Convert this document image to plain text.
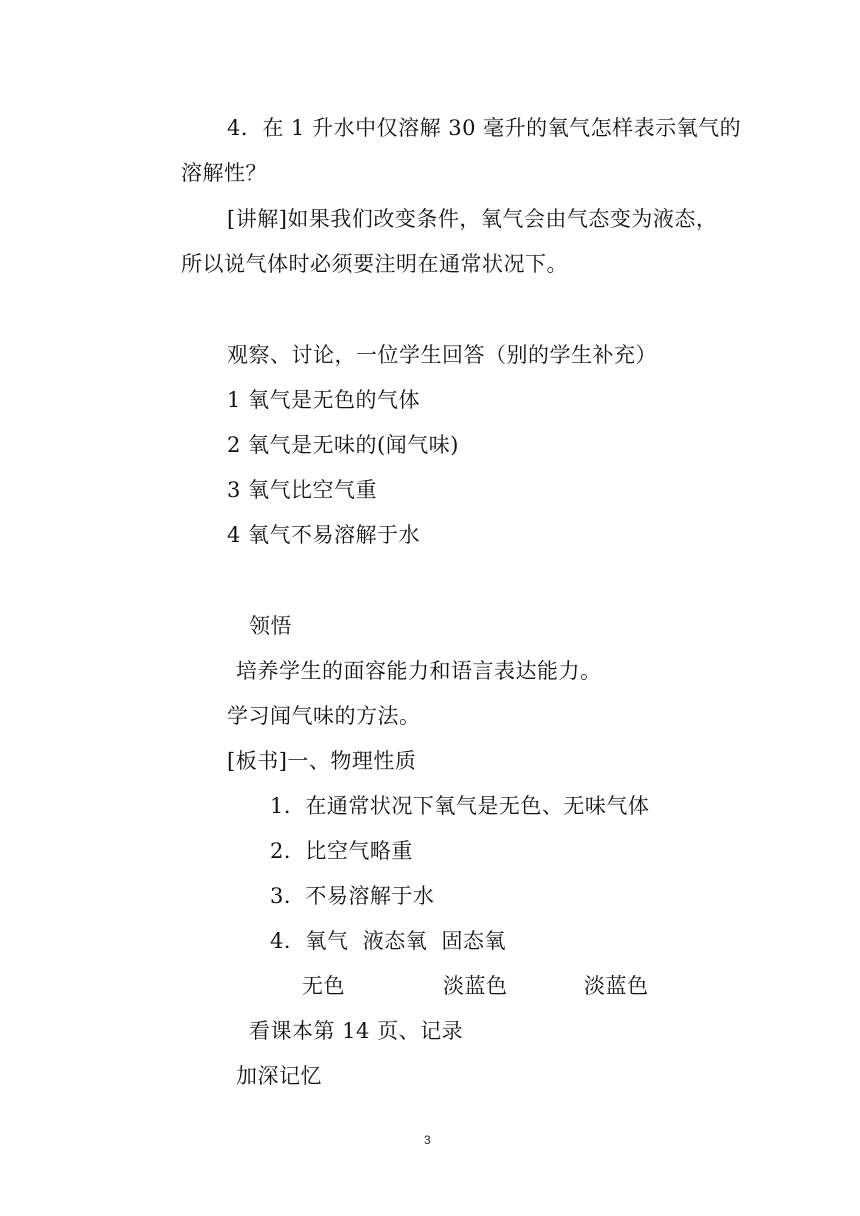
4．在 1 升水中仅溶解 30 毫升的氧气怎样表示氧气的
溶解性？
[讲解]如果我们改变条件，氧气会由气态变为液态，
所以说气体时必须要注明在通常状况下。
观察、讨论，一位学生回答（别的学生补充）
1 氧气是无色的气体
2 氧气是无味的(闻气味)
3 氧气比空气重
4 氧气不易溶解于水
领悟
培养学生的面容能力和语言表达能力。
学习闻气味的方法。
[板书]一、物理性质
1．在通常状况下氧气是无色、无味气体
2．比空气略重
3．不易溶解于水
4．氧气  液态氧  固态氧
无色	淡蓝色	淡蓝色
看课本第 14 页、记录
加深记忆
3
